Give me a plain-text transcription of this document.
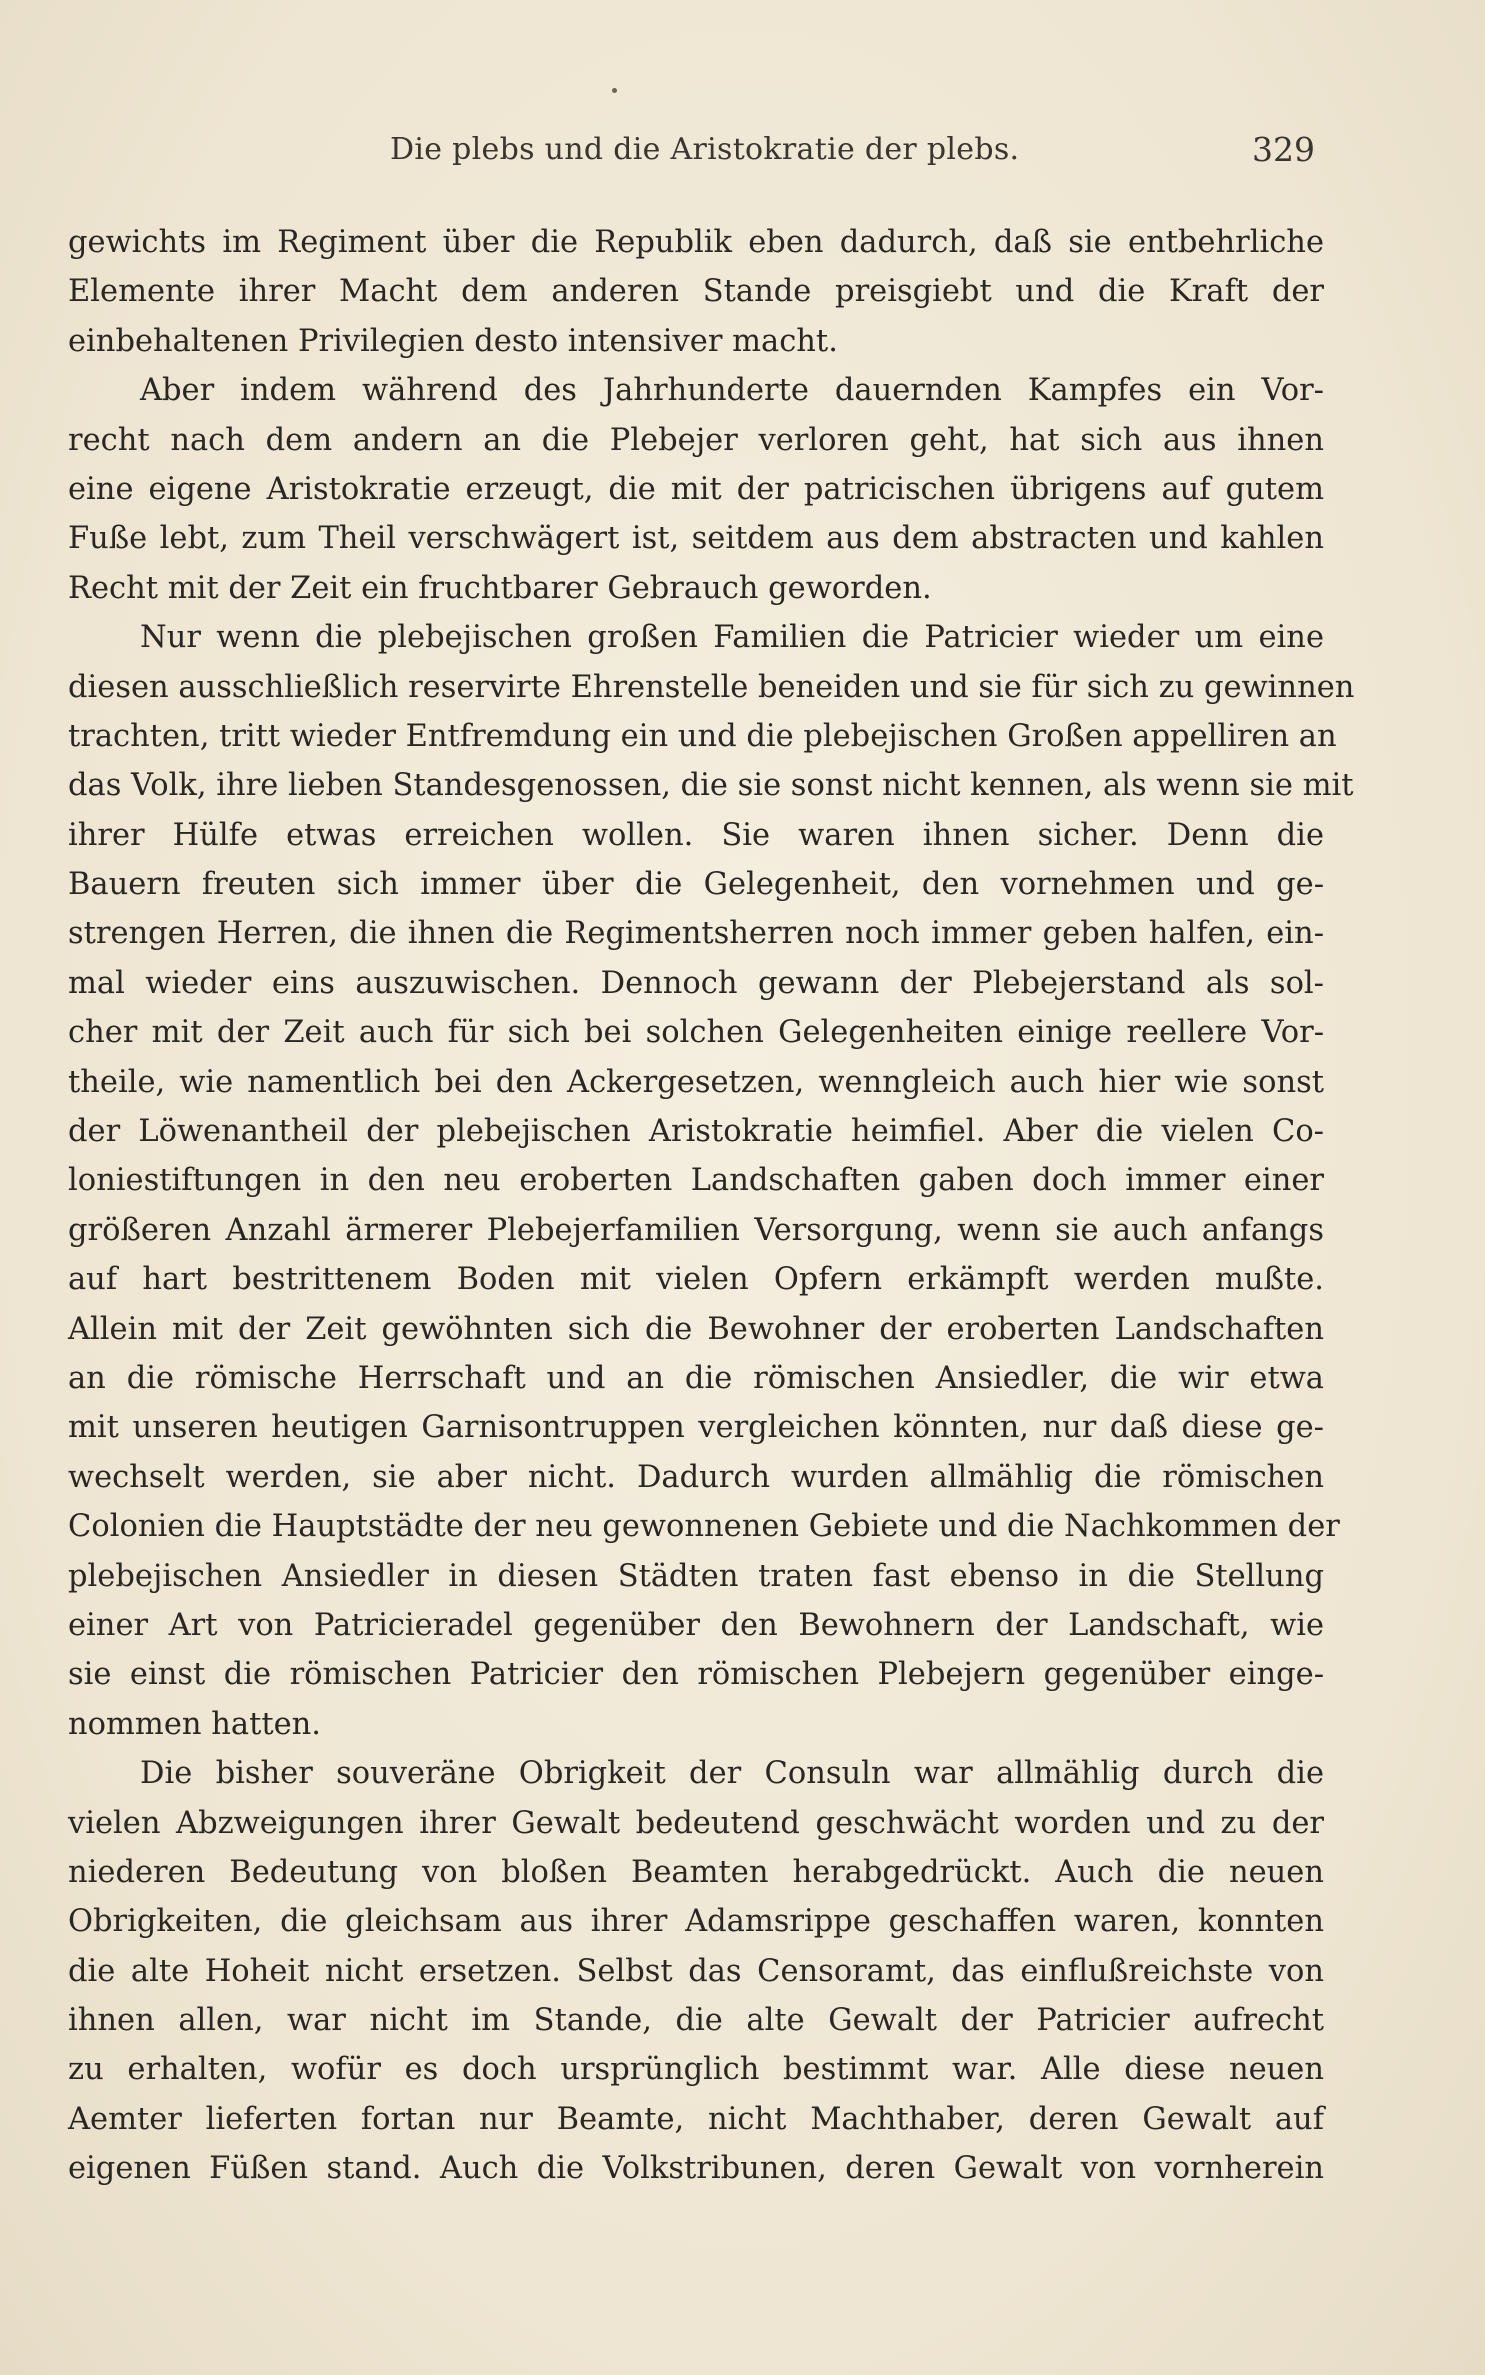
Die plebs und die Aristokratie der plebs.	329
gewichts im Regiment über die Republik eben dadurch, daß sie entbehrliche
Elemente ihrer Macht dem anderen Stande preisgiebt und die Kraft der
einbehaltenen Privilegien desto intensiver macht.
Aber indem während des Jahrhunderte dauernden Kampfes ein Vor-
recht nach dem andern an die Plebejer verloren geht, hat sich aus ihnen
eine eigene Aristokratie erzeugt, die mit der patricischen übrigens auf gutem
Fuße lebt, zum Theil verschwägert ist, seitdem aus dem abstracten und kahlen
Recht mit der Zeit ein fruchtbarer Gebrauch geworden.
Nur wenn die plebejischen großen Familien die Patricier wieder um eine
diesen ausschließlich reservirte Ehrenstelle beneiden und sie für sich zu gewinnen
trachten, tritt wieder Entfremdung ein und die plebejischen Großen appelliren an
das Volk, ihre lieben Standesgenossen, die sie sonst nicht kennen, als wenn sie mit
ihrer Hülfe etwas erreichen wollen. Sie waren ihnen sicher. Denn die
Bauern freuten sich immer über die Gelegenheit, den vornehmen und ge-
strengen Herren, die ihnen die Regimentsherren noch immer geben halfen, ein-
mal wieder eins auszuwischen. Dennoch gewann der Plebejerstand als sol-
cher mit der Zeit auch für sich bei solchen Gelegenheiten einige reellere Vor-
theile, wie namentlich bei den Ackergesetzen, wenngleich auch hier wie sonst
der Löwenantheil der plebejischen Aristokratie heimfiel. Aber die vielen Co-
loniestiftungen in den neu eroberten Landschaften gaben doch immer einer
größeren Anzahl ärmerer Plebejerfamilien Versorgung, wenn sie auch anfangs
auf hart bestrittenem Boden mit vielen Opfern erkämpft werden mußte.
Allein mit der Zeit gewöhnten sich die Bewohner der eroberten Landschaften
an die römische Herrschaft und an die römischen Ansiedler, die wir etwa
mit unseren heutigen Garnisontruppen vergleichen könnten, nur daß diese ge-
wechselt werden, sie aber nicht. Dadurch wurden allmählig die römischen
Colonien die Hauptstädte der neu gewonnenen Gebiete und die Nachkommen der
plebejischen Ansiedler in diesen Städten traten fast ebenso in die Stellung
einer Art von Patricieradel gegenüber den Bewohnern der Landschaft, wie
sie einst die römischen Patricier den römischen Plebejern gegenüber einge-
nommen hatten.
Die bisher souveräne Obrigkeit der Consuln war allmählig durch die
vielen Abzweigungen ihrer Gewalt bedeutend geschwächt worden und zu der
niederen Bedeutung von bloßen Beamten herabgedrückt. Auch die neuen
Obrigkeiten, die gleichsam aus ihrer Adamsrippe geschaffen waren, konnten
die alte Hoheit nicht ersetzen. Selbst das Censoramt, das einflußreichste von
ihnen allen, war nicht im Stande, die alte Gewalt der Patricier aufrecht
zu erhalten, wofür es doch ursprünglich bestimmt war. Alle diese neuen
Aemter lieferten fortan nur Beamte, nicht Machthaber, deren Gewalt auf
eigenen Füßen stand. Auch die Volkstribunen, deren Gewalt von vornherein
